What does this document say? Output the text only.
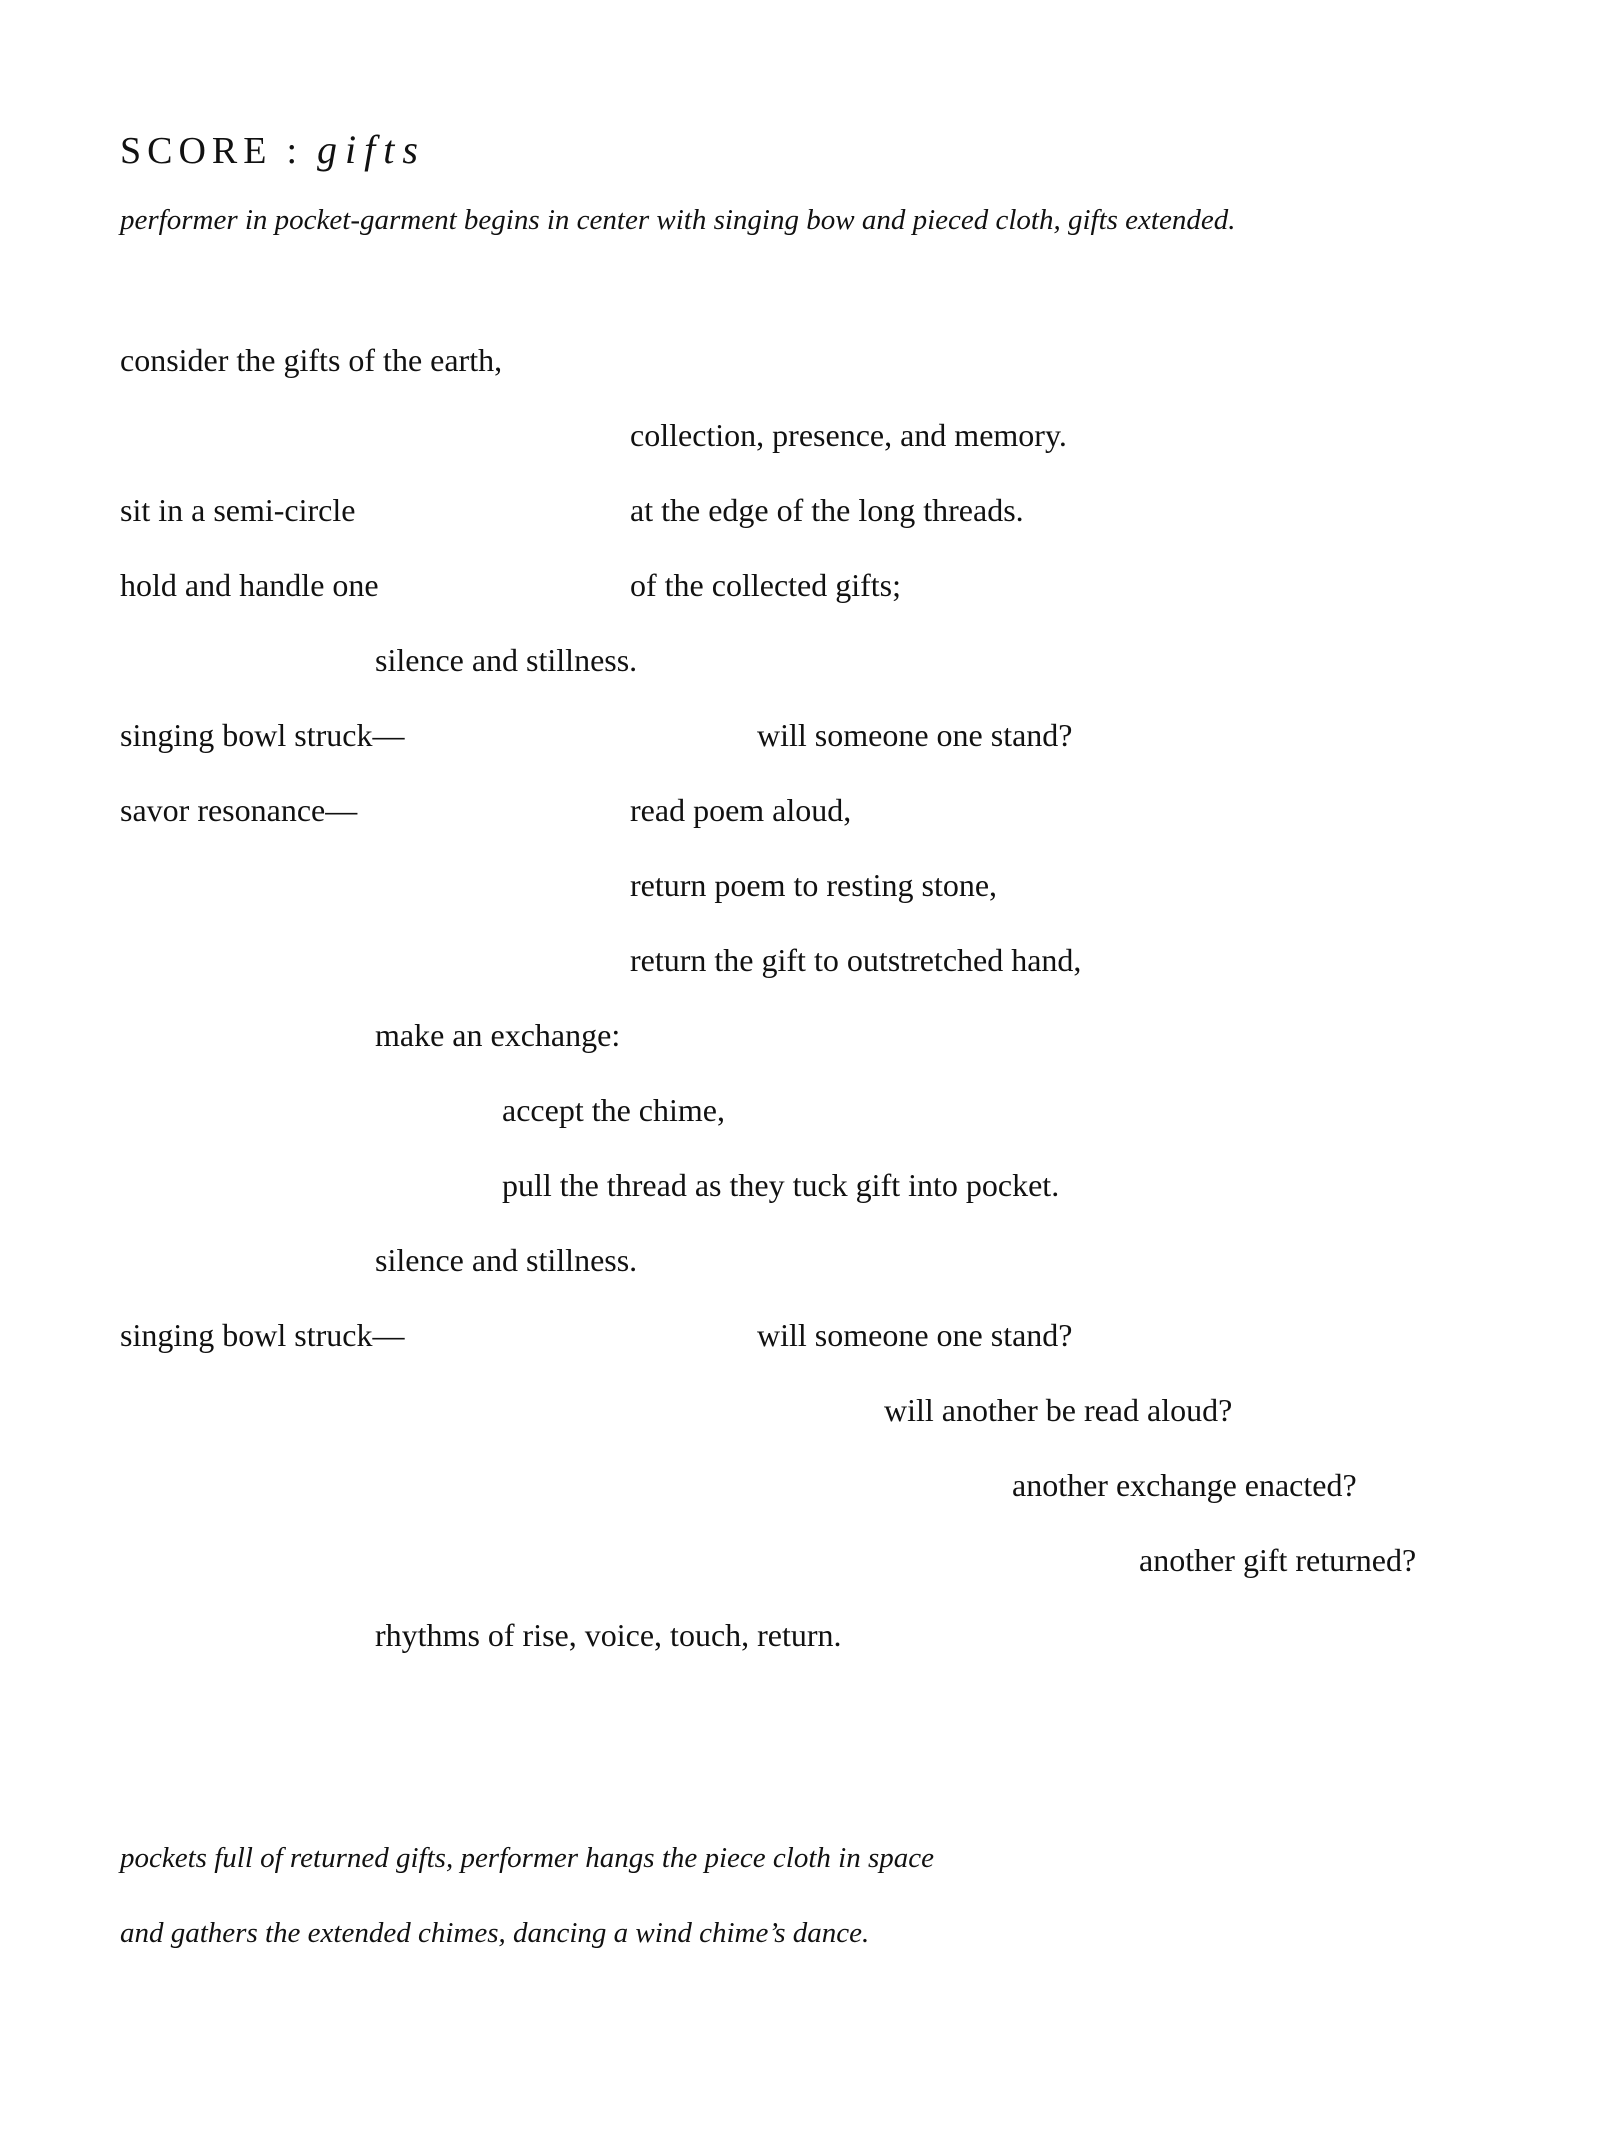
SCORE : gifts
performer in pocket-garment begins in center with singing bow and pieced cloth, gifts extended.
consider the gifts of the earth,
collection, presence, and memory.
sit in a semi-circle	at the edge of the long threads.
hold and handle one	of the collected gifts;
silence and stillness.
singing bowl struck—	will someone one stand?
savor resonance—	read poem aloud,
return poem to resting stone,
return the gift to outstretched hand,
make an exchange:
accept the chime,
pull the thread as they tuck gift into pocket.
silence and stillness.
singing bowl struck—	will someone one stand?
will another be read aloud?
another exchange enacted?
another gift returned?
rhythms of rise, voice, touch, return.
pockets full of returned gifts, performer hangs the piece cloth in space
and gathers the extended chimes, dancing a wind chime’s dance.
